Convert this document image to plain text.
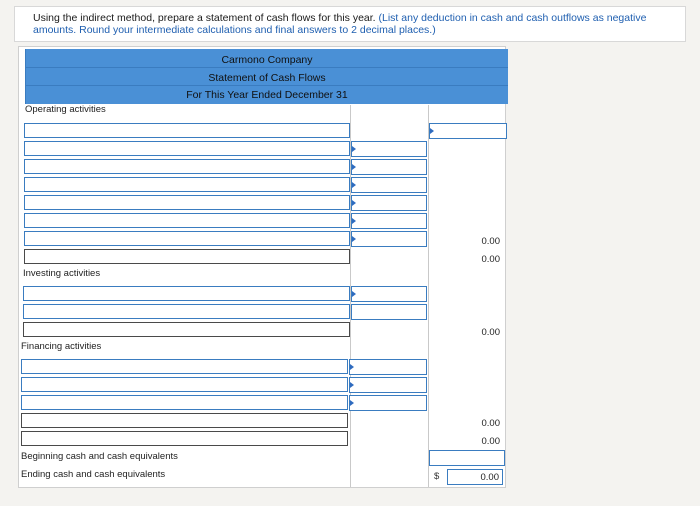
Using the indirect method, prepare a statement of cash flows for this year. (List any deduction in cash and cash outflows as negative amounts. Round your intermediate calculations and final answers to 2 decimal places.)
Carmono Company
Statement of Cash Flows
For This Year Ended December 31
Operating activities
0.00
0.00
Investing activities
0.00
Financing activities
0.00
0.00
Beginning cash and cash equivalents
Ending cash and cash equivalents	$	0.00
